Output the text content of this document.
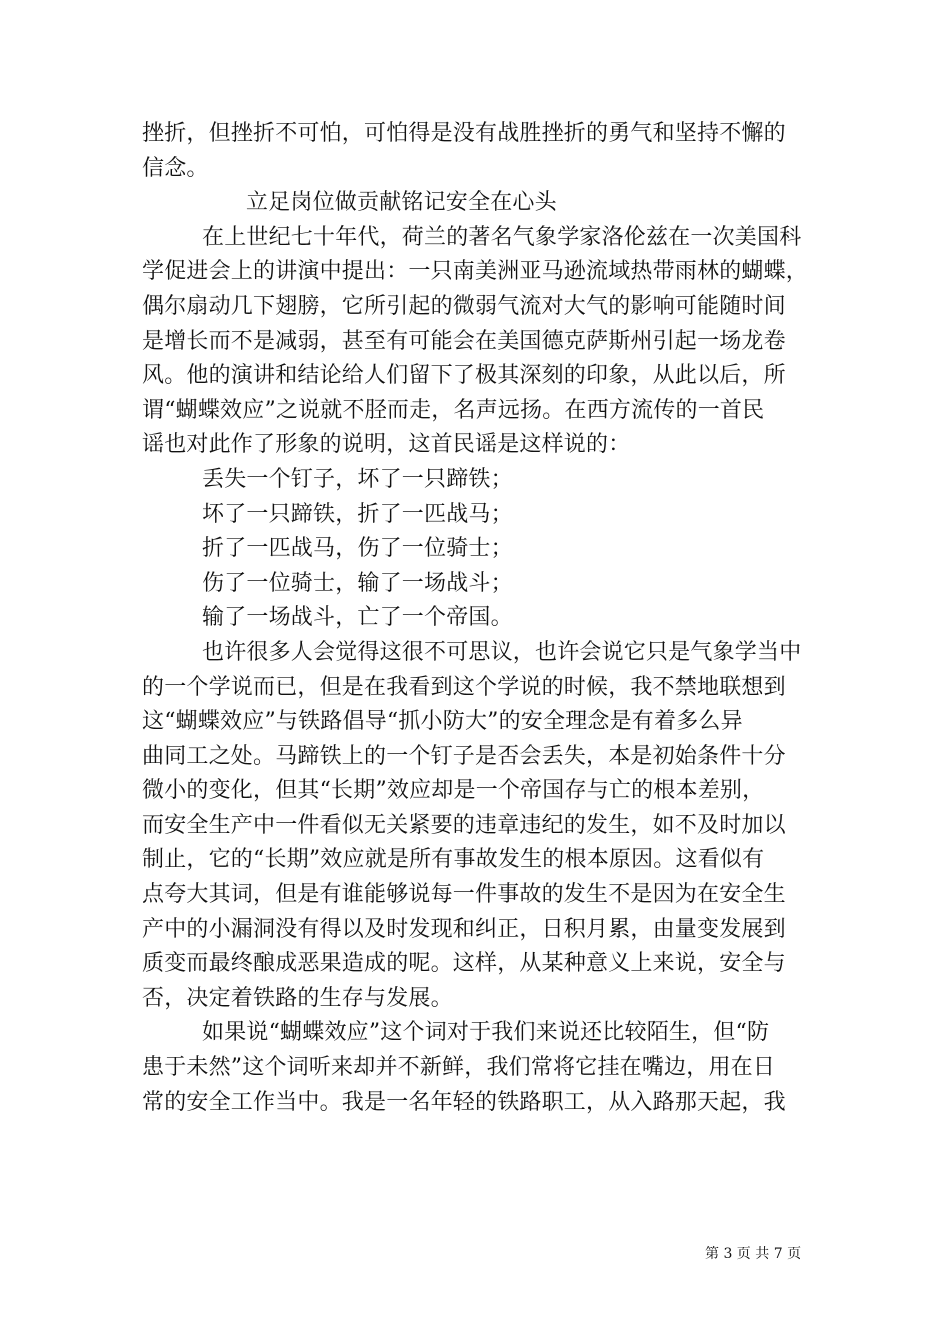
挫折，但挫折不可怕，可怕得是没有战胜挫折的勇气和坚持不懈的
信念。
立足岗位做贡献铭记安全在心头
在上世纪七十年代，荷兰的著名气象学家洛伦兹在一次美国科
学促进会上的讲演中提出：一只南美洲亚马逊流域热带雨林的蝴蝶，
偶尔扇动几下翅膀，它所引起的微弱气流对大气的影响可能随时间
是增长而不是减弱，甚至有可能会在美国德克萨斯州引起一场龙卷
风。他的演讲和结论给人们留下了极其深刻的印象，从此以后，所
谓“蝴蝶效应”之说就不胫而走，名声远扬。在西方流传的一首民
谣也对此作了形象的说明，这首民谣是这样说的：
丢失一个钉子，坏了一只蹄铁；
坏了一只蹄铁，折了一匹战马；
折了一匹战马，伤了一位骑士；
伤了一位骑士，输了一场战斗；
输了一场战斗，亡了一个帝国。
也许很多人会觉得这很不可思议，也许会说它只是气象学当中
的一个学说而已，但是在我看到这个学说的时候，我不禁地联想到
这“蝴蝶效应”与铁路倡导“抓小防大”的安全理念是有着多么异
曲同工之处。马蹄铁上的一个钉子是否会丢失，本是初始条件十分
微小的变化，但其“长期”效应却是一个帝国存与亡的根本差别，
而安全生产中一件看似无关紧要的违章违纪的发生，如不及时加以
制止，它的“长期”效应就是所有事故发生的根本原因。这看似有
点夸大其词，但是有谁能够说每一件事故的发生不是因为在安全生
产中的小漏洞没有得以及时发现和纠正，日积月累，由量变发展到
质变而最终酿成恶果造成的呢。这样，从某种意义上来说，安全与
否，决定着铁路的生存与发展。
如果说“蝴蝶效应”这个词对于我们来说还比较陌生，但“防
患于未然”这个词听来却并不新鲜，我们常将它挂在嘴边，用在日
常的安全工作当中。我是一名年轻的铁路职工，从入路那天起，我
第 3 页 共 7 页
